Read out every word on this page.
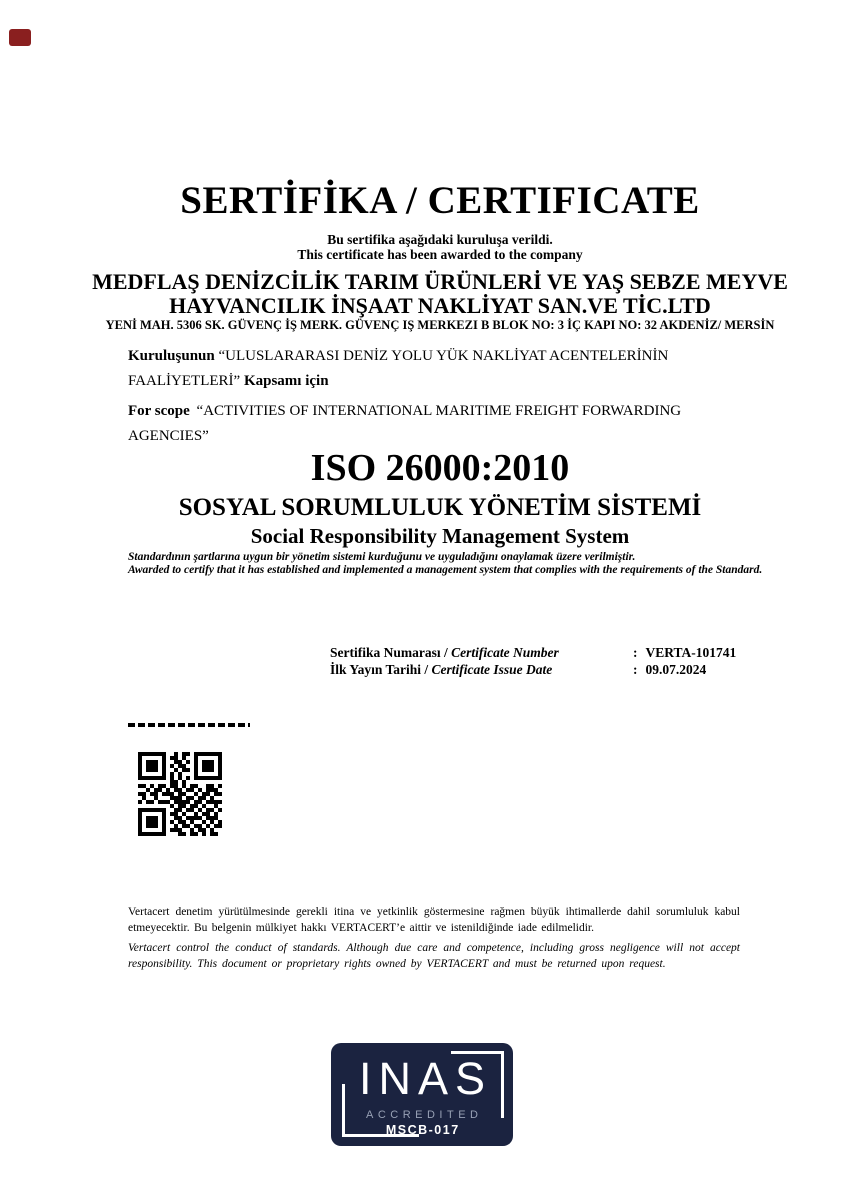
SERTİFİKA / CERTIFICATE
Bu sertifika aşağıdaki kuruluşa verildi.
This certificate has been awarded to the company
MEDFLAŞ DENİZCİLİK TARIM ÜRÜNLERİ VE YAŞ SEBZE MEYVE
HAYVANCILIK İNŞAAT NAKLİYAT SAN.VE TİC.LTD
YENİ MAH. 5306 SK. GÜVENÇ İŞ MERK. GÜVENÇ IŞ MERKEZI B BLOK NO: 3 İÇ KAPI NO: 32 AKDENİZ/ MERSİN
Kuruluşunun “ULUSLARARASI DENİZ YOLU YÜK NAKLİYAT ACENTELERİNİN FAALİYETLERİ” Kapsamı için
For scope “ACTIVITIES OF INTERNATIONAL MARITIME FREIGHT FORWARDING AGENCIES”
ISO 26000:2010
SOSYAL SORUMLULUK YÖNETİM SİSTEMİ
Social Responsibility Management System
Standardının şartlarına uygun bir yönetim sistemi kurduğunu ve uyguladığını onaylamak üzere verilmiştir.
Awarded to certify that it has established and implemented a management system that complies with the requirements of the Standard.
Sertifika Numarası / Certificate Number	: VERTA-101741
İlk Yayın Tarihi / Certificate Issue Date	: 09.07.2024
Vertacert denetim yürütülmesinde gerekli itina ve yetkinlik göstermesine rağmen büyük ihtimallerde dahil sorumluluk kabul etmeyecektir. Bu belgenin mülkiyet hakkı VERTACERT’e aittir ve istenildiğinde iade edilmelidir.
Vertacert control the conduct of standards. Although due care and competence, including gross negligence will not accept responsibility. This document or proprietary rights owned by VERTACERT and must be returned upon request.
INAS
ACCREDITED
MSCB-017
